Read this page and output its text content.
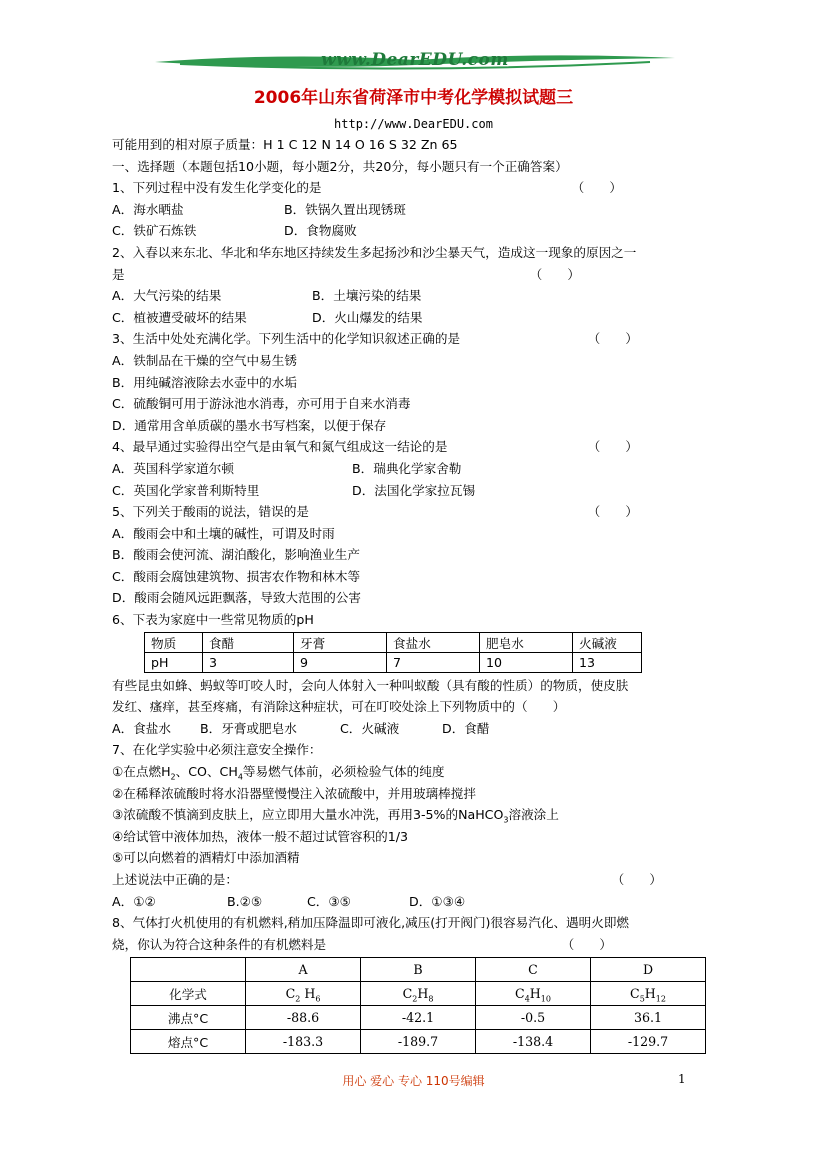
www.DearEDU.com
2006年山东省荷泽市中考化学模拟试题三
http://www.DearEDU.com
可能用到的相对原子质量：H 1 C 12 N 14 O 16 S 32 Zn 65
一、选择题（本题包括10小题，每小题2分，共20分，每小题只有一个正确答案）
1、下列过程中没有发生化学变化的是	（　　）
A．海水晒盐	B．铁锅久置出现锈斑
C．铁矿石炼铁	D．食物腐败
2、入春以来东北、华北和华东地区持续发生多起扬沙和沙尘暴天气，造成这一现象的原因之一
是	（　　）
A．大气污染的结果	B．土壤污染的结果
C．植被遭受破坏的结果	D．火山爆发的结果
3、生活中处处充满化学。下列生活中的化学知识叙述正确的是	（　　）
A．铁制品在干燥的空气中易生锈
B．用纯碱溶液除去水壶中的水垢
C．硫酸铜可用于游泳池水消毒，亦可用于自来水消毒
D．通常用含单质碳的墨水书写档案，以便于保存
4、最早通过实验得出空气是由氧气和氮气组成这一结论的是	（　　）
A．英国科学家道尔顿	B．瑞典化学家舍勒
C．英国化学家普利斯特里	D．法国化学家拉瓦锡
5、下列关于酸雨的说法，错误的是	（　　）
A．酸雨会中和土壤的碱性，可谓及时雨
B．酸雨会使河流、湖泊酸化，影响渔业生产
C．酸雨会腐蚀建筑物、损害农作物和林木等
D．酸雨会随风远距飘落，导致大范围的公害
6、下表为家庭中一些常见物质的pH
物质	食醋	牙膏	食盐水	肥皂水	火碱液
pH	3	9	7	10	13
有些昆虫如蜂、蚂蚁等叮咬人时，会向人体射入一种叫蚁酸（具有酸的性质）的物质，使皮肤
发红、瘙痒，甚至疼痛，有消除这种症状，可在叮咬处涂上下列物质中的（　　）
A．食盐水 B．牙膏或肥皂水	C．火碱液	D．食醋
7、在化学实验中必须注意安全操作：
①在点燃$H_2$、CO、$CH_4$等易燃气体前，必须检验气体的纯度
②在稀释浓硫酸时将水沿器壁慢慢注入浓硫酸中，并用玻璃棒搅拌
③浓硫酸不慎滴到皮肤上，应立即用大量水冲洗，再用3-5%的NaHCO$_3$溶液涂上
④给试管中液体加热，液体一般不超过试管容积的1/3
⑤可以向燃着的酒精灯中添加酒精
上述说法中正确的是：	（　　）
A．①②	B.②⑤	C．③⑤	D．①③④
8、气体打火机使用的有机燃料,稍加压降温即可液化,减压(打开阀门)很容易汽化、遇明火即燃
烧，你认为符合这种条件的有机燃料是	（　　）
	A	B	C	D
化学式	$C_2$ $H_6$	$C_2H_8$	$C_4H_{10}$	$C_5H_{12}$
沸点°C	-88.6	-42.1	-0.5	36.1
熔点°C	-183.3	-189.7	-138.4	-129.7
用心 爱心 专心 110号编辑	1
